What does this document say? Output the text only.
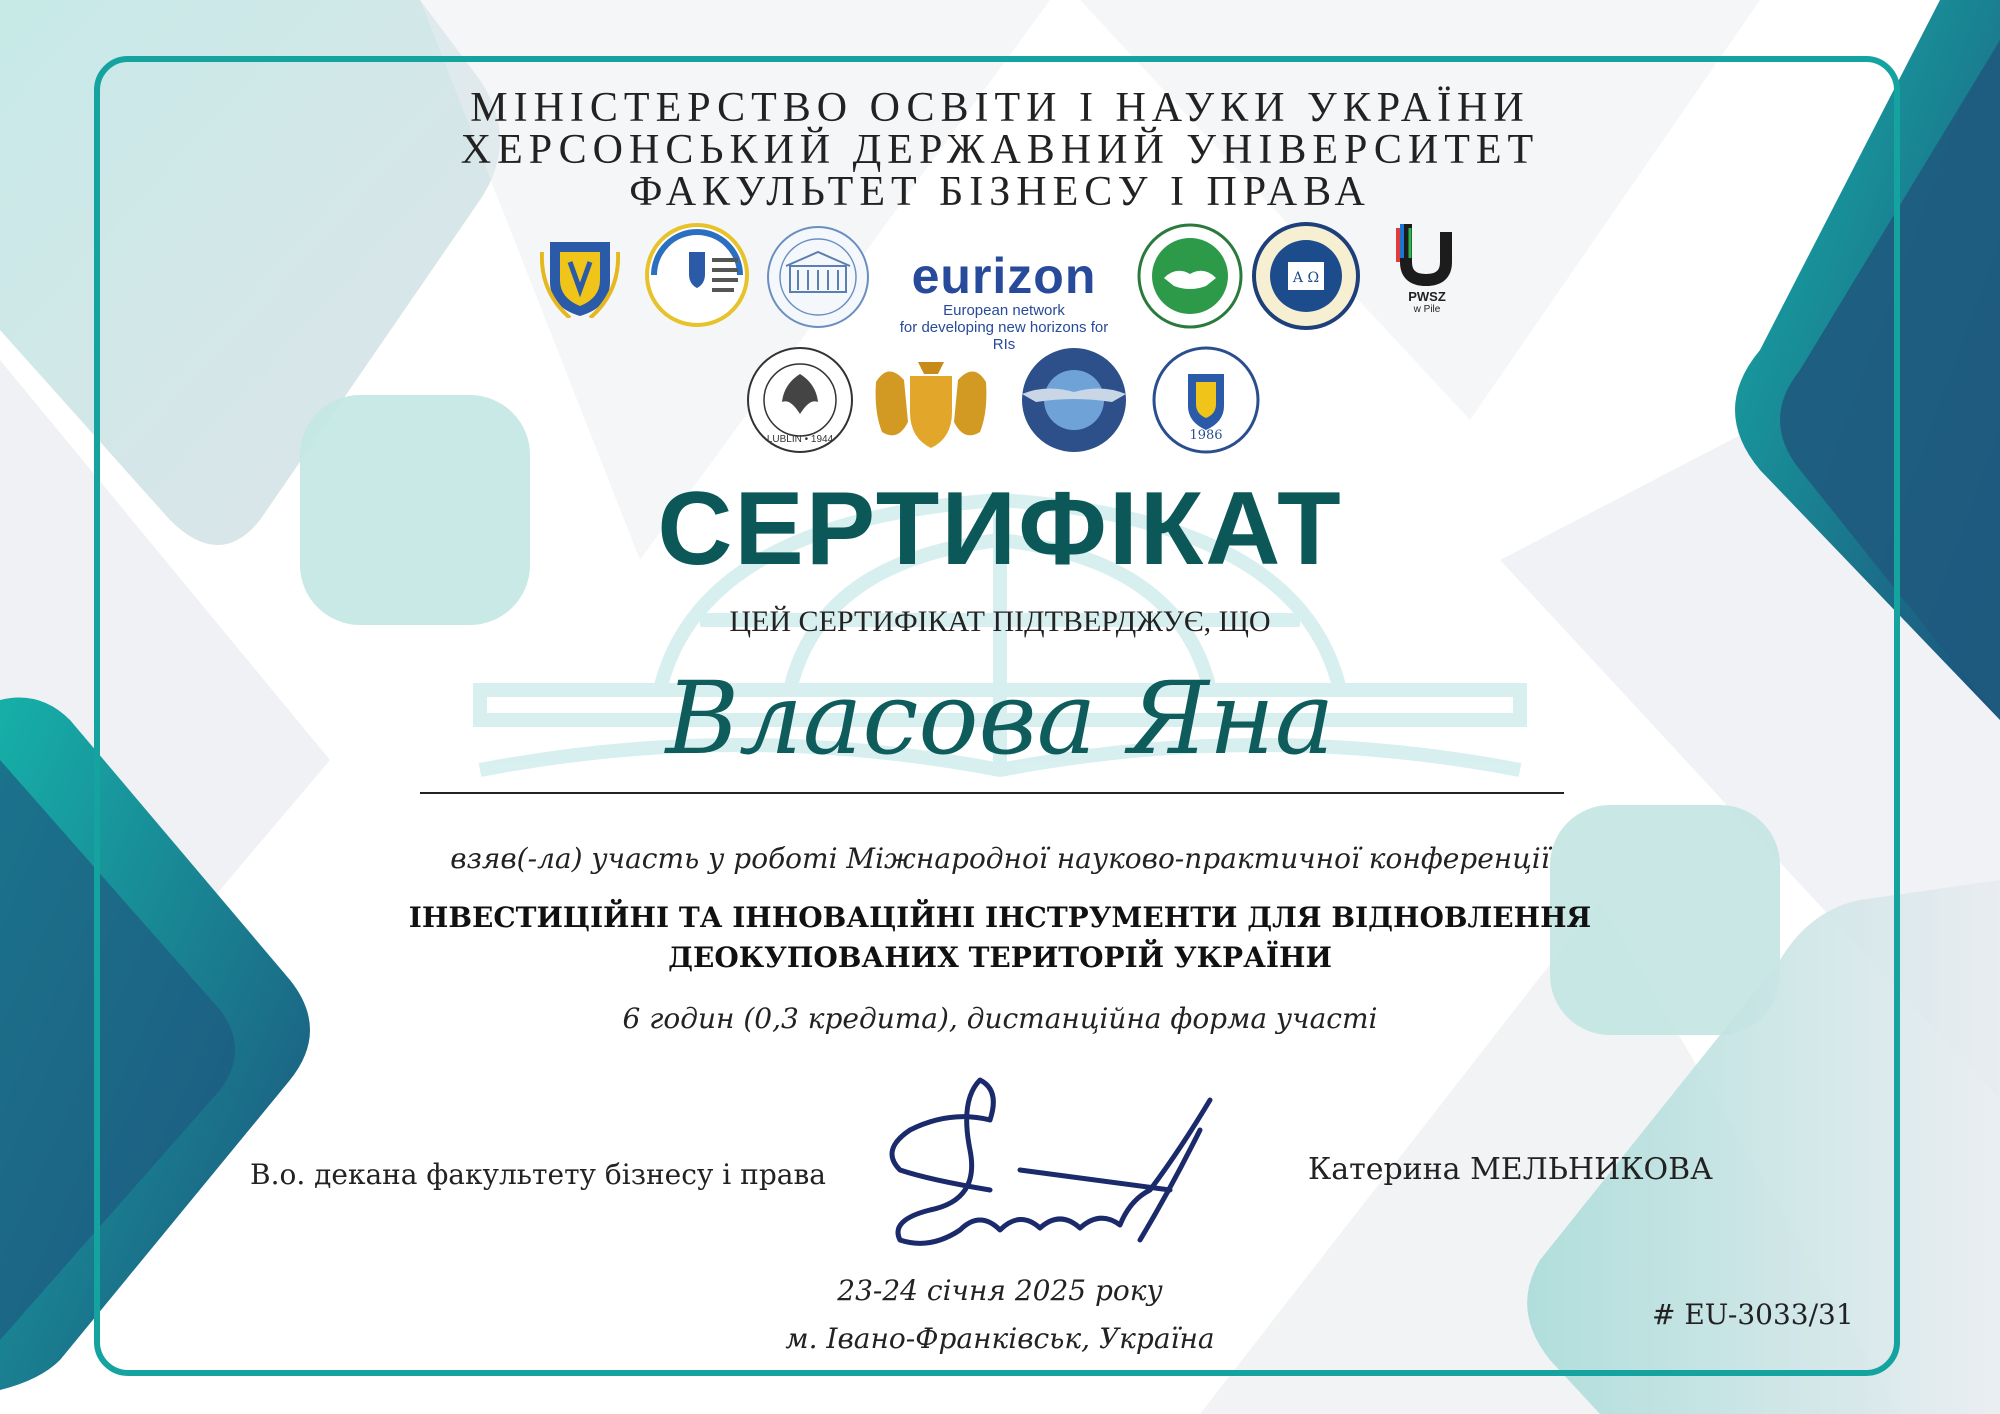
МІНІСТЕРСТВО ОСВІТИ І НАУКИ УКРАЇНИ
ХЕРСОНСЬКИЙ ДЕРЖАВНИЙ УНІВЕРСИТЕТ
ФАКУЛЬТЕТ БІЗНЕСУ І ПРАВА
eurizon
European network
for developing new horizons for RIs
Α Ω
PWSZ
w Pile
LUBLIN • 1944	1986
СЕРТИФІКАТ
ЦЕЙ СЕРТИФІКАТ ПІДТВЕРДЖУЄ, ЩО
Власова Яна
взяв(-ла) участь у роботі Міжнародної науково-практичної конференції
ІНВЕСТИЦІЙНІ ТА ІННОВАЦІЙНІ ІНСТРУМЕНТИ ДЛЯ ВІДНОВЛЕННЯ
ДЕОКУПОВАНИХ ТЕРИТОРІЙ УКРАЇНИ
6 годин (0,3 кредита), дистанційна форма участі
В.о. декана факультету бізнесу і права	Катерина МЕЛЬНИКОВА
23-24 січня 2025 року
м. Івано-Франківськ, Україна
# EU-3033/31
